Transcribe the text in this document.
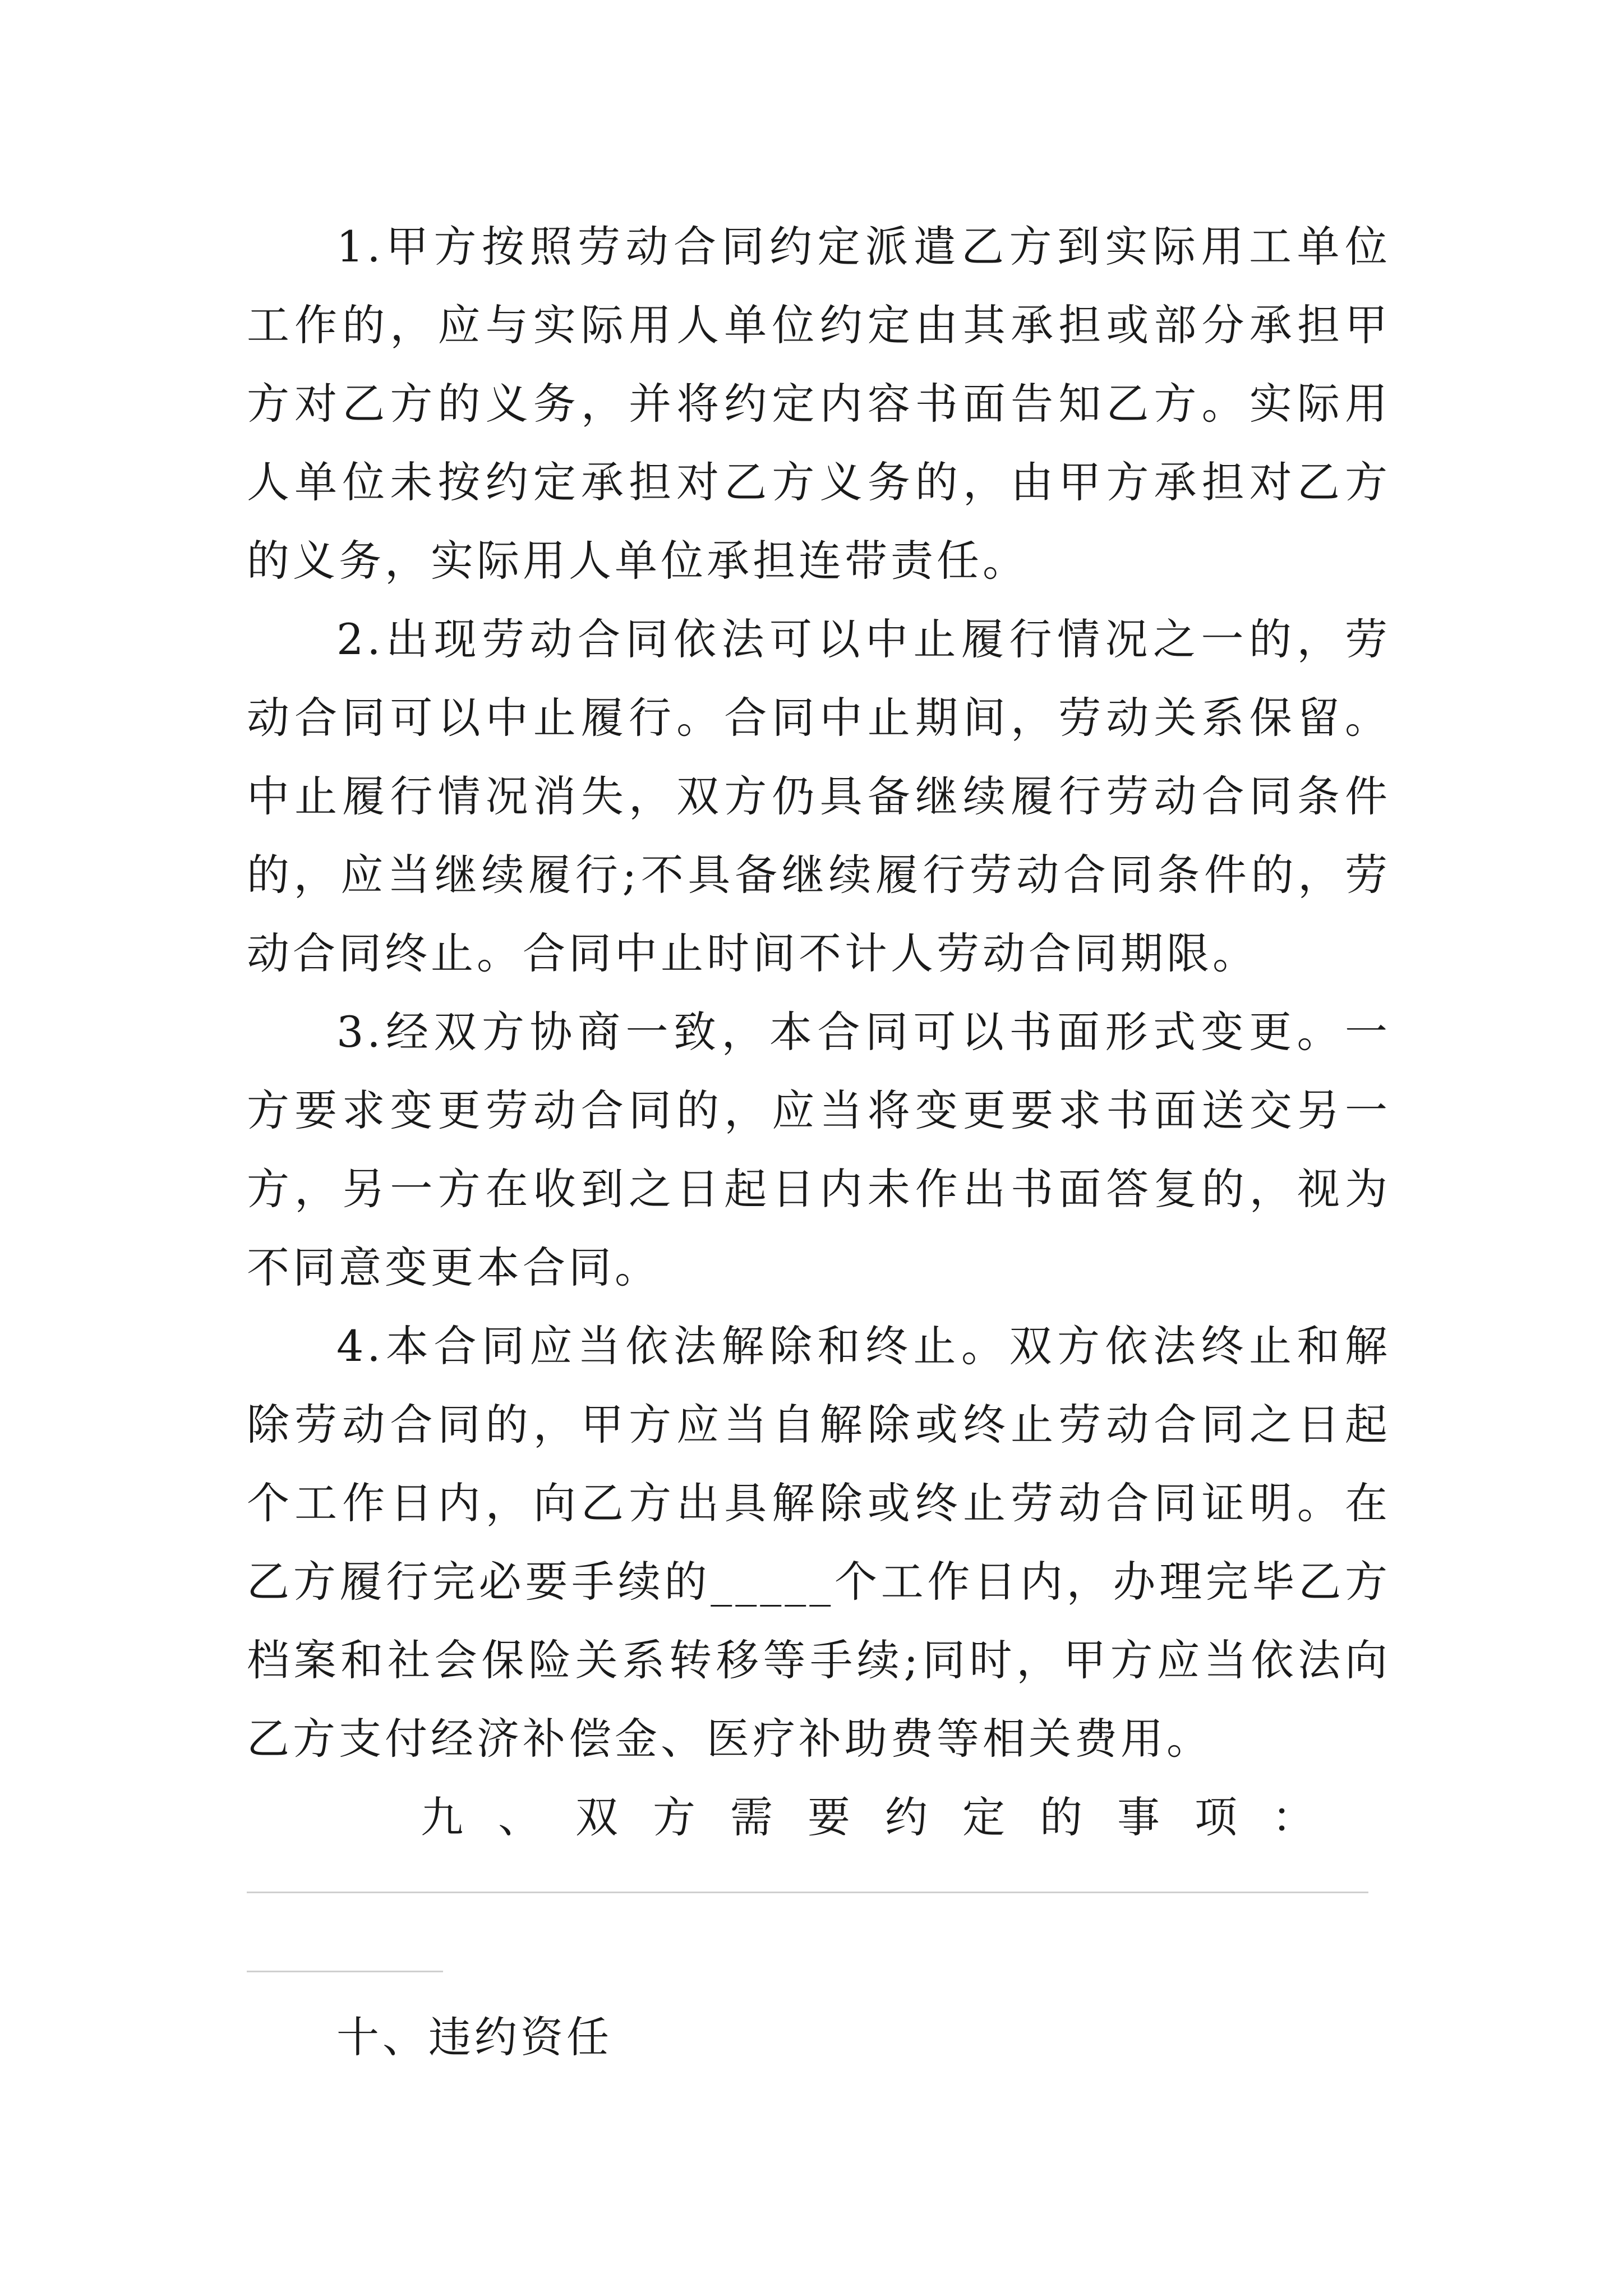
1.甲方按照劳动合同约定派遣乙方到实际用工单位工作的，应与实际用人单位约定由其承担或部分承担甲方对乙方的义务，并将约定内容书面告知乙方。实际用人单位未按约定承担对乙方义务的，由甲方承担对乙方的义务，实际用人单位承担连带责任。

2.出现劳动合同依法可以中止履行情况之一的，劳动合同可以中止履行。合同中止期间，劳动关系保留。中止履行情况消失，双方仍具备继续履行劳动合同条件的，应当继续履行;不具备继续履行劳动合同条件的，劳动合同终止。合同中止时间不计人劳动合同期限。

3.经双方协商一致，本合同可以书面形式变更。一方要求变更劳动合同的，应当将变更要求书面送交另一方，另一方在收到之日起日内未作出书面答复的，视为不同意变更本合同。

4.本合同应当依法解除和终止。双方依法终止和解除劳动合同的，甲方应当自解除或终止劳动合同之日起个工作日内，向乙方出具解除或终止劳动合同证明。在乙方履行完必要手续的_____个工作日内，办理完毕乙方档案和社会保险关系转移等手续;同时，甲方应当依法向乙方支付经济补偿金、医疗补助费等相关费用。

九、双方需要约定的事项：

十、违约资任
